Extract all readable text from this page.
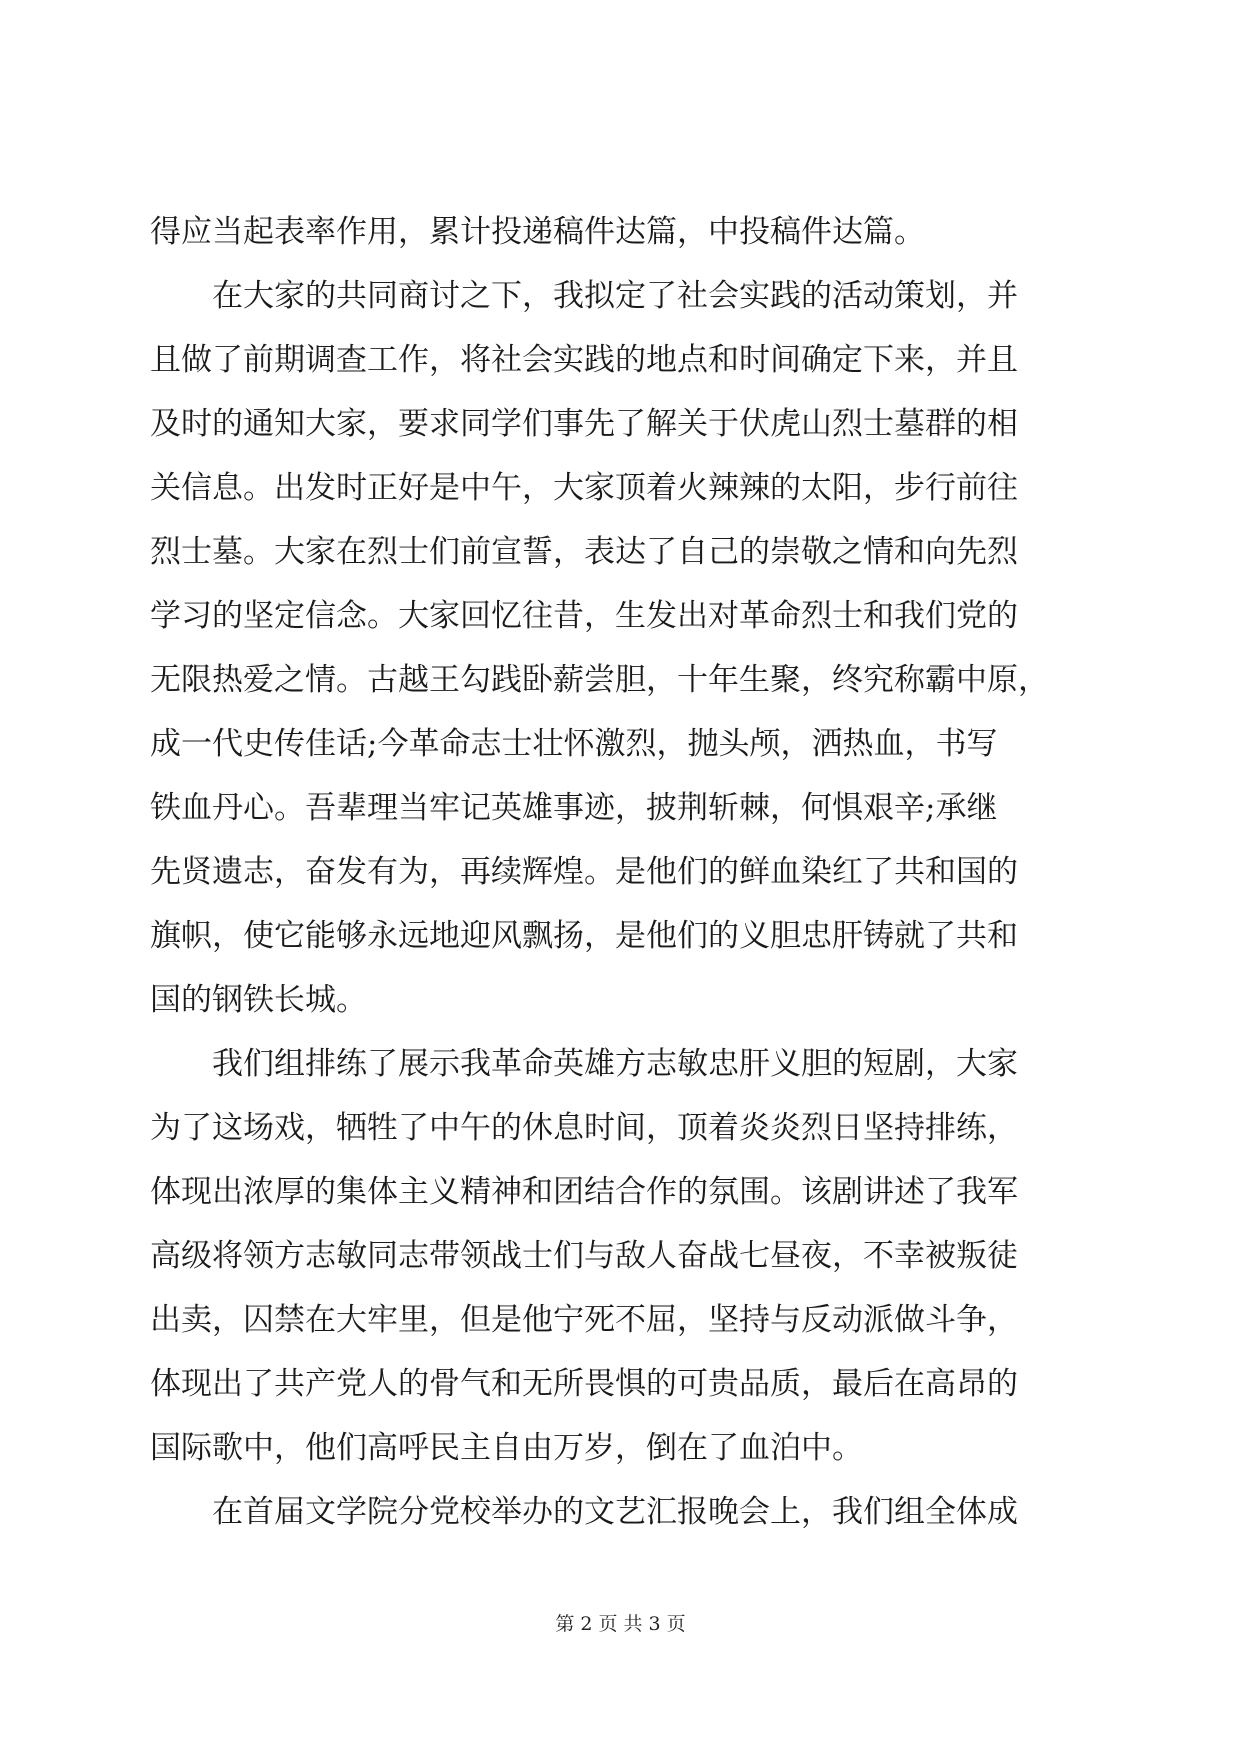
得应当起表率作用，累计投递稿件达篇，中投稿件达篇。
在大家的共同商讨之下，我拟定了社会实践的活动策划，并
且做了前期调查工作，将社会实践的地点和时间确定下来，并且
及时的通知大家，要求同学们事先了解关于伏虎山烈士墓群的相
关信息。出发时正好是中午，大家顶着火辣辣的太阳，步行前往
烈士墓。大家在烈士们前宣誓，表达了自己的崇敬之情和向先烈
学习的坚定信念。大家回忆往昔，生发出对革命烈士和我们党的
无限热爱之情。古越王勾践卧薪尝胆，十年生聚，终究称霸中原，
成一代史传佳话;今革命志士壮怀激烈，抛头颅，洒热血，书写
铁血丹心。吾辈理当牢记英雄事迹，披荆斩棘，何惧艰辛;承继
先贤遗志，奋发有为，再续辉煌。是他们的鲜血染红了共和国的
旗帜，使它能够永远地迎风飘扬，是他们的义胆忠肝铸就了共和
国的钢铁长城。
我们组排练了展示我革命英雄方志敏忠肝义胆的短剧，大家
为了这场戏，牺牲了中午的休息时间，顶着炎炎烈日坚持排练，
体现出浓厚的集体主义精神和团结合作的氛围。该剧讲述了我军
高级将领方志敏同志带领战士们与敌人奋战七昼夜，不幸被叛徒
出卖，囚禁在大牢里，但是他宁死不屈，坚持与反动派做斗争，
体现出了共产党人的骨气和无所畏惧的可贵品质，最后在高昂的
国际歌中，他们高呼民主自由万岁，倒在了血泊中。
在首届文学院分党校举办的文艺汇报晚会上，我们组全体成
第 2 页 共 3 页
